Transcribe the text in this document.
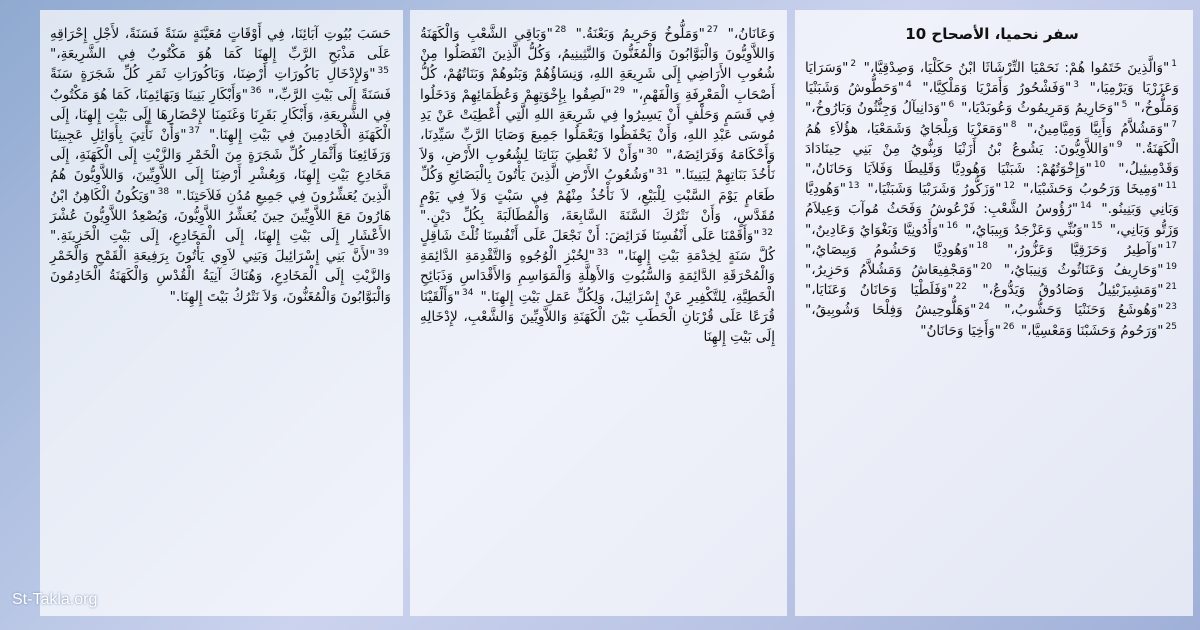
سفر نحميا، الأصحاح 10

$^1$"وَالَّذِينَ خَتَمُوا هُمْ: نَحَمْيَا التِّرْشَاثَا ابْنُ حَكَلْيَا، وَصِدْقِيَّا،" $^2$"وَسَرَايَا وَعَزَرْيَا وَيَرْمِيَا،" $^3$"وَفَشْحُورُ وَأَمَرْيَا وَمَلْكِيَّا،" $^4$"وَحَطُّوشُ وَشَبَنْيَا وَمَلُّوخُ،" $^5$"وَحَارِيمُ وَمَرِيمُوثُ وَعُوبَدْيَا،" $^6$"وَدَانِيآلُ وَجِنُّثُونُ وَبَارُوخُ،" $^7$"وَمَشُلاَّمُ وَأَبِيَّا وَمِيَّامِينُ،" $^8$"وَمَعَزْيَا وَبِلْجَايُ وَشَمَعْيَا، هؤُلاَءِ هُمُ الْكَهَنَةُ." $^9$"وَاللاَّوِيُّونَ: يَشُوعُ بْنُ أَزَنْيَا وَبِنُّويُ مِنْ بَنِي حِينَادَادَ وَقَدْمِيئِيلُ،" $^{10}$"وَإِخْوَتُهُمْ: شَبَنْيَا وَهُودِيَّا وَقَلِيطَا وَفَلاَيَا وَحَانَانُ،" $^{11}$"وَمِيخَا وَرَحُوبُ وَحَشَبْيَا،" $^{12}$"وَزَكُّورُ وَشَرَبْيَا وَشَبَنْيَا،" $^{13}$"وَهُودِيَّا وَبَانِي وَبَنِينُو." $^{14}$"رُؤُوسُ الشَّعْبِ: فَرْعُوشُ وَفَحَثُ مُوآبَ وَعِيلاَمُ وَزَتُّو وَبَانِي،" $^{15}$"وَبُنِّي وَعَزْجَدُ وَبِيبَايُ،" $^{16}$"وَأَدُونِيَّا وَبَغْوَايُ وَعَادِينُ،" $^{17}$"وَآطِيرُ وَحَزَقِيَّا وَعَزُّورُ،" $^{18}$"وَهُودِيَّا وَحَشُومُ وَبِيصَايُ،" $^{19}$"وَحَارِيفُ وَعَنَاثُوثُ وَنِيبَايُ،" $^{20}$"وَمَجْفِيعَاشُ وَمَشُلاَّمُ وَحَزِيرُ،" $^{21}$"وَمَشِيزَبْئِيلُ وَصَادُوقُ وَيَدُّوعُ،" $^{22}$"وَفَلَطْيَا وَحَانَانُ وَعَنَايَا،" $^{23}$"وَهُوشَعُ وَحَنَنْيَا وَحَشُّوبُ،" $^{24}$"وَهَلُّوحِيشُ وَفِلْحَا وَشُوبِيقُ،" $^{25}$"وَرَحُومُ وَحَشَبْنَا وَمَعْسِيَّا،" $^{26}$"وَأَخِيَا وَحَانَانُ"

وَعَانَانُ،" $^{27}$"وَمَلُّوخُ وَحَرِيمُ وَبَعْنَةُ." $^{28}$"وَبَاقِي الشَّعْبِ وَالْكَهَنَةُ وَاللاَّوِيُّونَ وَالْبَوَّابُونَ وَالْمُغَنُّونَ وَالنَّثِينِيمُ، وَكُلُّ الَّذِينَ انْفَصَلُوا مِنْ شُعُوبِ الأَرَاضِي إِلَى شَرِيعَةِ اللهِ، وَنِسَاؤُهُمْ وَبَنُوهُمْ وَبَنَاتُهُمْ، كُلُّ أَصْحَابِ الْمَعْرِفَةِ وَالْفَهْمِ،" $^{29}$"لَصِقُوا بِإِخْوَتِهِمْ وَعُظَمَائِهِمْ وَدَخَلُوا فِي قَسَمٍ وَحَلْفٍ أَنْ يَسِيرُوا فِي شَرِيعَةِ اللهِ الَّتِي أُعْطِيَتْ عَنْ يَدِ مُوسَى عَبْدِ اللهِ، وَأَنْ يَحْفَظُوا وَيَعْمَلُوا جَمِيعَ وَصَايَا الرَّبِّ سَيِّدِنَا، وَأَحْكَامَهُ وَفَرَائِضَهُ،" $^{30}$"وَأَنْ لاَ نُعْطِيَ بَنَاتِنَا لِشُعُوبِ الأَرْضِ، وَلاَ نَأْخُذَ بَنَاتِهِمْ لِبَنِينَا." $^{31}$"وَشُعُوبُ الأَرْضِ الَّذِينَ يَأْتُونَ بِالْبَضَائِعِ وَكُلِّ طَعَامٍ يَوْمَ السَّبْتِ لِلْبَيْعِ، لاَ نَأْخُذُ مِنْهُمْ فِي سَبْتٍ وَلاَ فِي يَوْمٍ مُقَدَّسٍ، وَأَنْ نَتْرُكَ السَّنَةَ السَّابِعَةَ، وَالْمُطَالَبَةَ بِكُلِّ دَيْنٍ." $^{32}$"وَأَقَمْنَا عَلَى أَنْفُسِنَا فَرَائِضَ: أَنْ نَجْعَلَ عَلَى أَنْفُسِنَا ثُلْثَ شَاقِلٍ كُلَّ سَنَةٍ لِخِدْمَةِ بَيْتِ إِلهِنَا،" $^{33}$"لِخُبْزِ الْوُجُوهِ وَالتَّقْدِمَةِ الدَّائِمَةِ وَالْمُحْرَقَةِ الدَّائِمَةِ وَالسُّبُوتِ وَالأَهِلَّةِ وَالْمَوَاسِمِ وَالأَقْدَاسِ وَذَبَائِحِ الْخَطِيَّةِ، لِلتَّكْفِيرِ عَنْ إِسْرَائِيلَ، وَلِكُلِّ عَمَلِ بَيْتِ إِلهِنَا." $^{34}$"وَأَلْقَيْنَا قُرَعًا عَلَى قُرْبَانِ الْحَطَبِ بَيْنَ الْكَهَنَةِ وَاللاَّوِيِّينَ وَالشَّعْبِ، لإِدْخَالِهِ إِلَى بَيْتِ إِلهِنَا

حَسَبَ بُيُوتِ آبَائِنَا، فِي أَوْقَاتٍ مُعَيَّنَةٍ سَنَةً فَسَنَةً، لأَجْلِ إِحْرَاقِهِ عَلَى مَذْبَحِ الرَّبِّ إِلهِنَا كَمَا هُوَ مَكْتُوبٌ فِي الشَّرِيعَةِ،" $^{35}$"وَلإِدْخَالِ بَاكُورَاتِ أَرْضِنَا، وَبَاكُورَاتِ ثَمَرِ كُلِّ شَجَرَةٍ سَنَةً فَسَنَةً إِلَى بَيْتِ الرَّبِّ،" $^{36}$"وَأَبْكَارِ بَنِينَا وَبَهَائِمِنَا، كَمَا هُوَ مَكْتُوبٌ فِي الشَّرِيعَةِ، وَأَبْكَارِ بَقَرِنَا وَغَنَمِنَا لإِحْضَارِهَا إِلَى بَيْتِ إِلهِنَا، إِلَى الْكَهَنَةِ الْخَادِمِينَ فِي بَيْتِ إِلهِنَا." $^{37}$"وَأَنْ نَأْتِيَ بِأَوَائِلِ عَجِينِنَا وَرَفَائِعِنَا وَأَثْمَارِ كُلِّ شَجَرَةٍ مِنَ الْخَمْرِ وَالزَّيْتِ إِلَى الْكَهَنَةِ، إِلَى مَخَادِعِ بَيْتِ إِلهِنَا، وَبِعُشْرِ أَرْضِنَا إِلَى اللاَّوِيِّينَ، وَاللاَّوِيُّونَ هُمُ الَّذِينَ يُعَشِّرُونَ فِي جَمِيعِ مُدُنِ فَلاَحَتِنَا." $^{38}$"وَيَكُونُ الْكَاهِنُ ابْنُ هَارُونَ مَعَ اللاَّوِيِّينَ حِينَ يُعَشِّرُ اللاَّوِيُّونَ، وَيُصْعِدُ اللاَّوِيُّونَ عُشْرَ الأَعْشَارِ إِلَى بَيْتِ إِلهِنَا، إِلَى الْمَخَادِعِ، إِلَى بَيْتِ الْخَزِينَةِ." $^{39}$"لأَنَّ بَنِي إِسْرَائِيلَ وَبَنِي لاَوِي يَأْتُونَ بِرَفِيعَةِ الْقَمْحِ وَالْخَمْرِ وَالزَّيْتِ إِلَى الْمَخَادِعِ، وَهُنَاكَ آنِيَةُ الْقُدْسِ وَالْكَهَنَةُ الْخَادِمُونَ وَالْبَوَّابُونَ وَالْمُغَنُّونَ، وَلاَ نَتْرُكُ بَيْتَ إِلهِنَا."

St-Takla.org
